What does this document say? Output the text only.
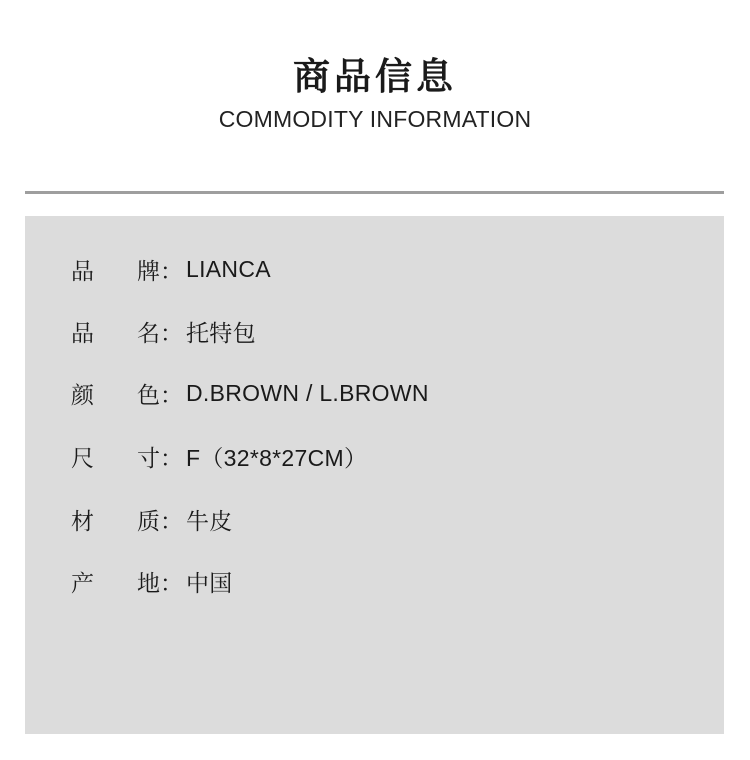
商品信息
COMMODITY INFORMATION
品	牌 ： LIANCA
品	名 ： 托特包
颜	色 ： D.BROWN / L.BROWN
尺	寸 ： F（32*8*27CM）
材	质 ： 牛皮
产	地 ： 中国
